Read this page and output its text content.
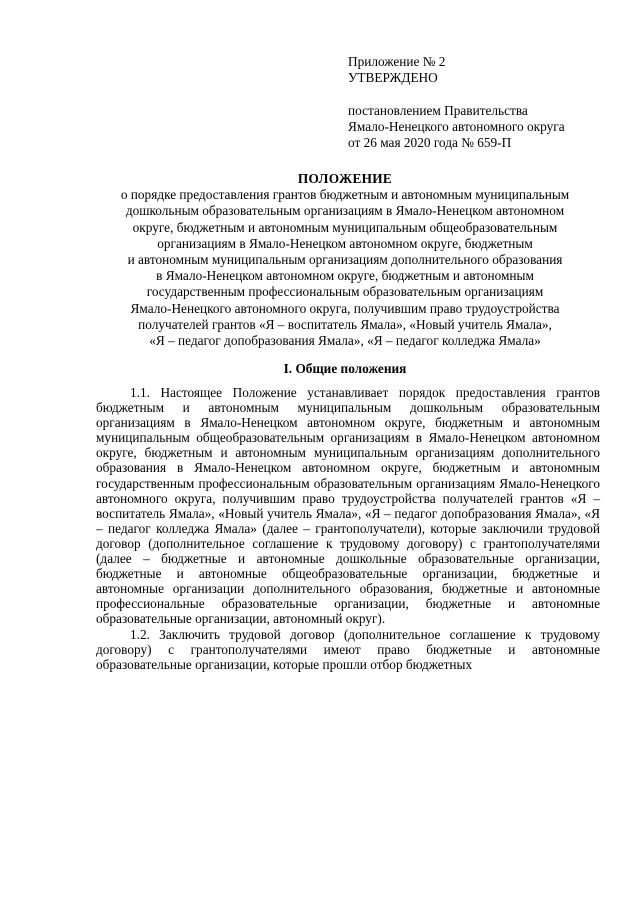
Приложение № 2
УТВЕРЖДЕНО
постановлением Правительства
Ямало-Ненецкого автономного округа
от 26 мая 2020 года № 659-П
ПОЛОЖЕНИЕ
о порядке предоставления грантов бюджетным и автономным муниципальным
дошкольным образовательным организациям в Ямало-Ненецком автономном
округе, бюджетным и автономным муниципальным общеобразовательным
организациям в Ямало-Ненецком автономном округе, бюджетным
и автономным муниципальным организациям дополнительного образования
в Ямало-Ненецком автономном округе, бюджетным и автономным
государственным профессиональным образовательным организациям
Ямало-Ненецкого автономного округа, получившим право трудоустройства
получателей грантов «Я – воспитатель Ямала», «Новый учитель Ямала»,
«Я – педагог допобразования Ямала», «Я – педагог колледжа Ямала»
I. Общие положения

1.1. Настоящее Положение устанавливает порядок предоставления грантов бюджетным и автономным муниципальным дошкольным образовательным организациям в Ямало-Ненецком автономном округе, бюджетным и автономным муниципальным общеобразовательным организациям в Ямало-Ненецком автономном округе, бюджетным и автономным муниципальным организациям дополнительного образования в Ямало-Ненецком автономном округе, бюджетным и автономным государственным профессиональным образовательным организациям Ямало-Ненецкого автономного округа, получившим право трудоустройства получателей грантов «Я – воспитатель Ямала», «Новый учитель Ямала», «Я – педагог допобразования Ямала», «Я – педагог колледжа Ямала» (далее – грантополучатели), которые заключили трудовой договор (дополнительное соглашение к трудовому договору) с грантополучателями (далее – бюджетные и автономные дошкольные образовательные организации, бюджетные и автономные общеобразовательные организации, бюджетные и автономные организации дополнительного образования, бюджетные и автономные профессиональные образовательные организации, бюджетные и автономные образовательные организации, автономный округ).

1.2. Заключить трудовой договор (дополнительное соглашение к трудовому договору) с грантополучателями имеют право бюджетные и автономные образовательные организации, которые прошли отбор бюджетных
